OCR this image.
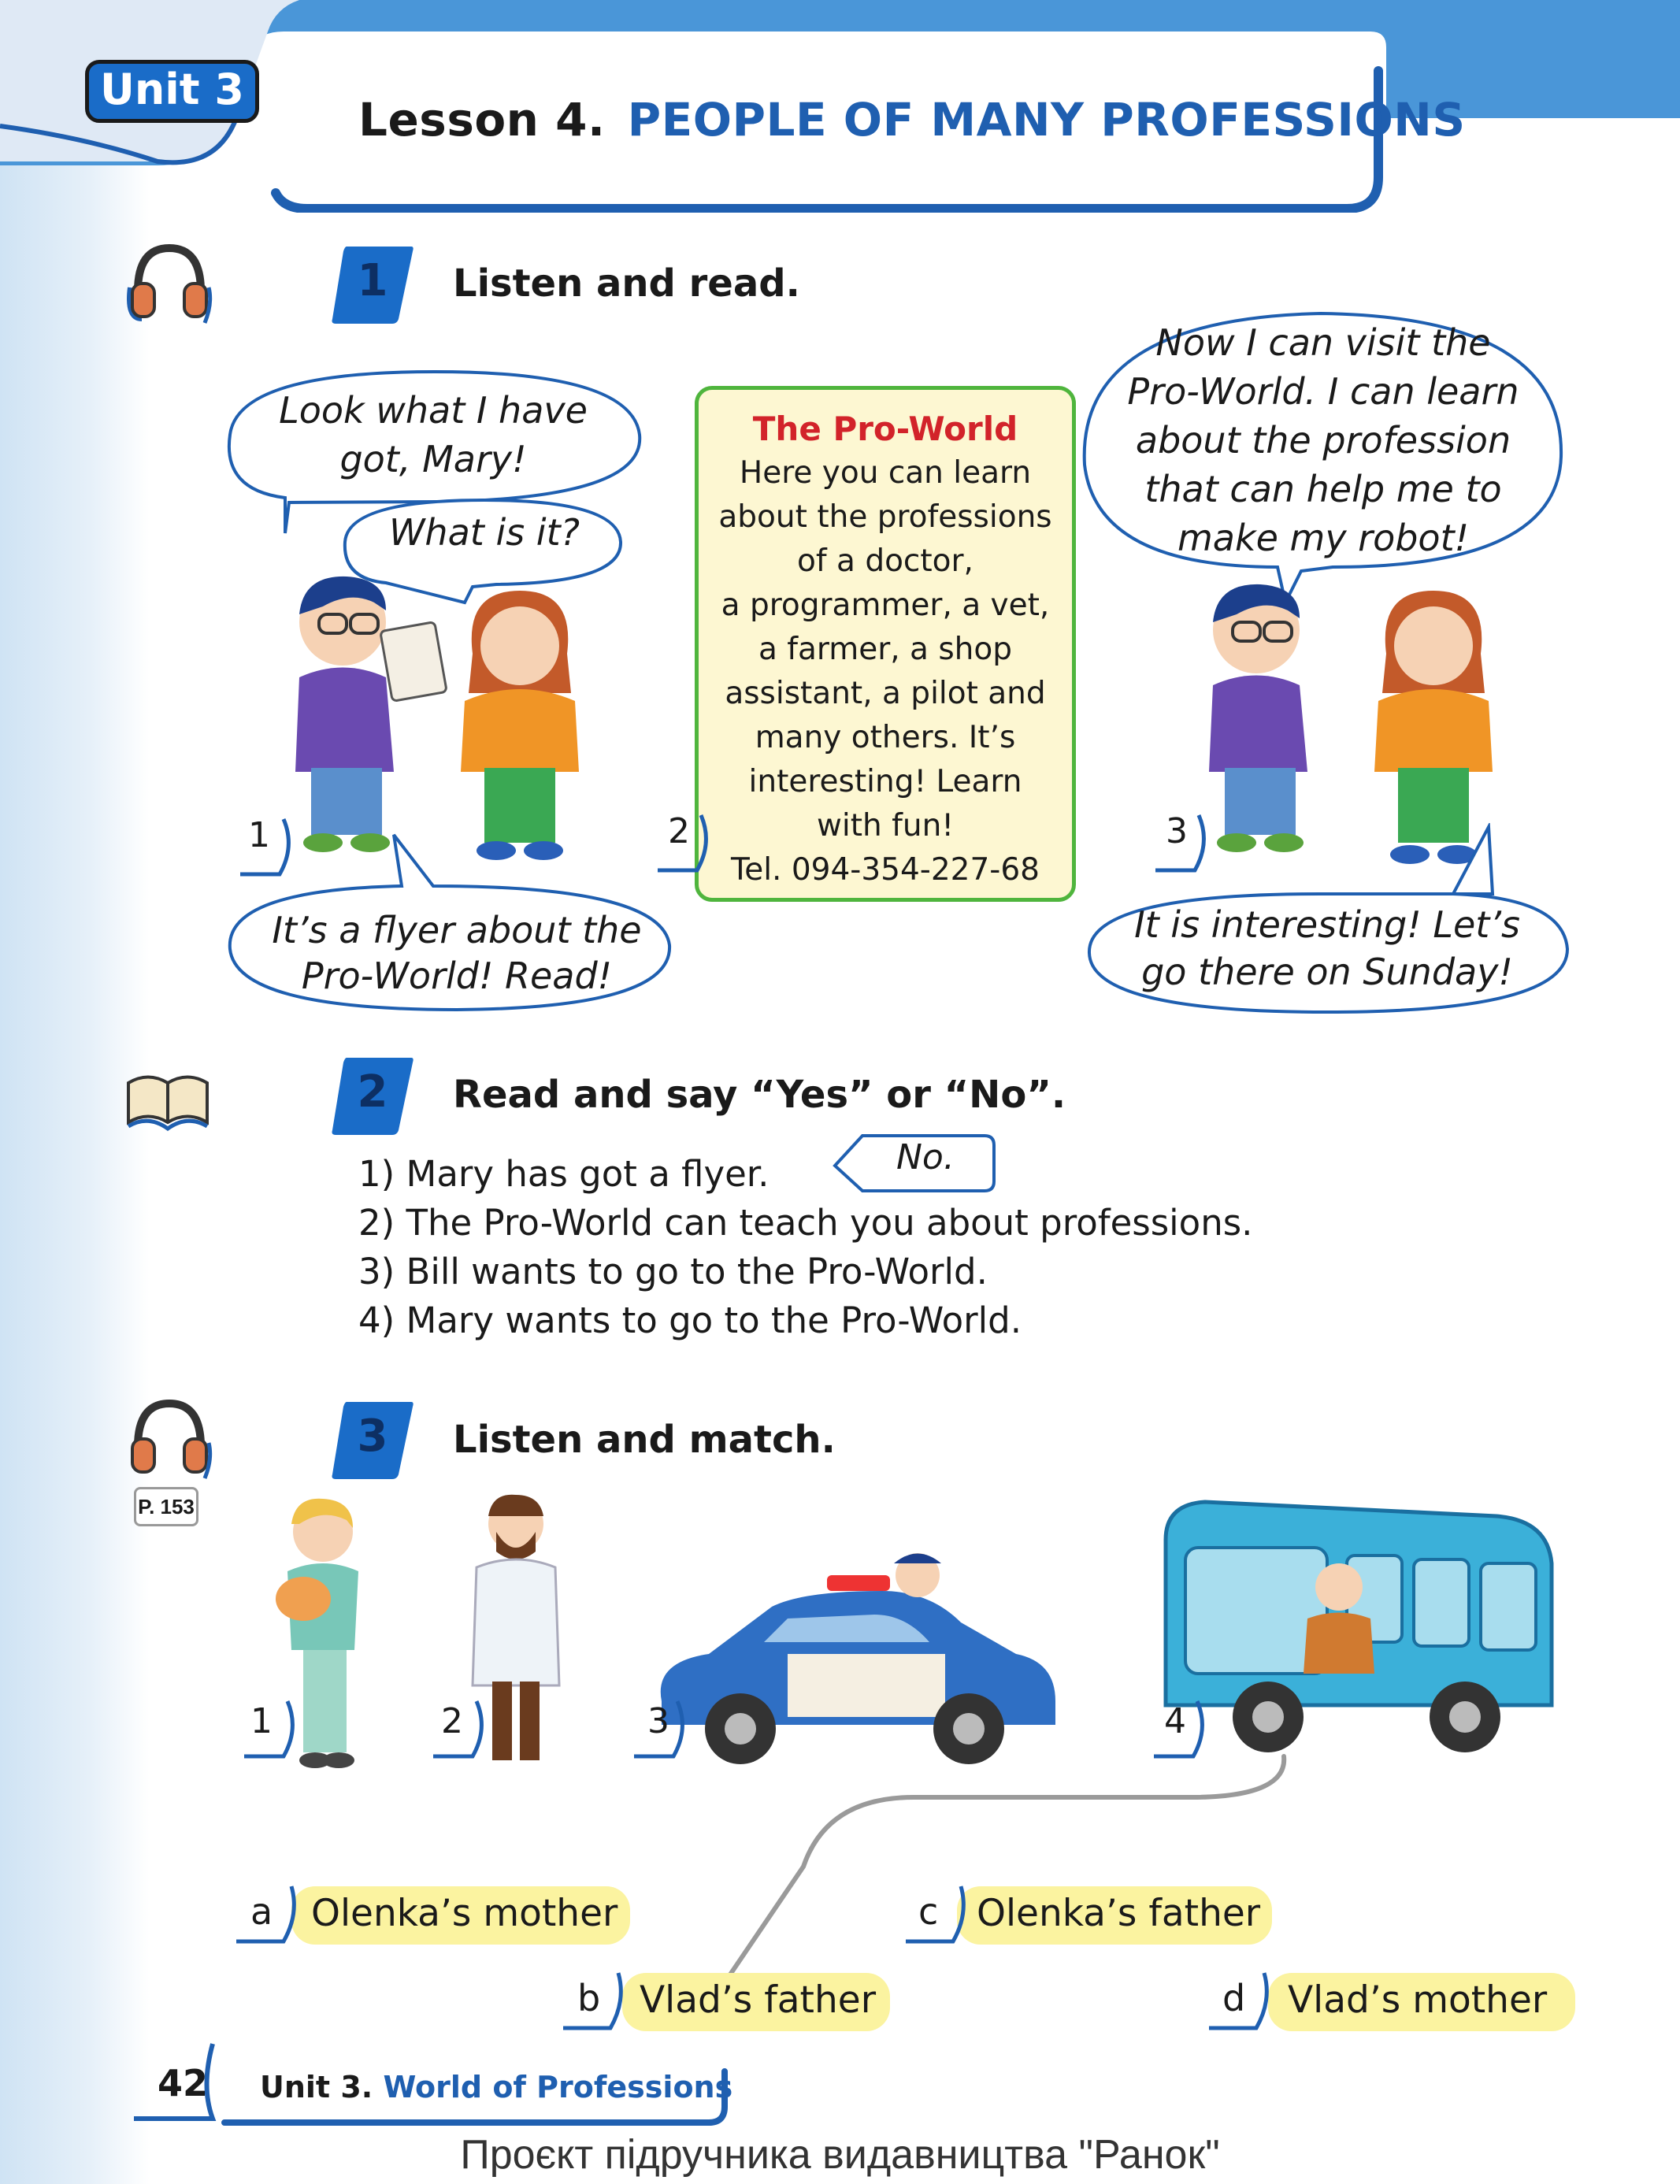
Unit 3
Lesson 4. PEOPLE OF MANY PROFESSIONS
1	Listen and read.
Look what I have
got, Mary!
What is it?
1
It’s a flyer about the
Pro-World! Read!
The Pro-World
Here you can learn
about the professions
of a doctor,
a programmer, a vet,
a farmer, a shop
assistant, a pilot and
many others. It’s
interesting! Learn
with fun!
Tel. 094-354-227-68
2
Now I can visit the
Pro-World. I can learn
about the profession
that can help me to
make my robot!
3
It is interesting! Let’s
go there on Sunday!
2	Read and say “Yes” or “No”.
1) Mary has got a flyer.
2) The Pro-World can teach you about professions.
3) Bill wants to go to the Pro-World.
4) Mary wants to go to the Pro-World.
No.
P. 153
3	Listen and match.
1	2	3	4
a Olenka’s mother
b Vlad’s father
c Olenka’s father
d Vlad’s mother
42 Unit 3. World of Professions
Проєкт підручника видавництва "Ранок"
